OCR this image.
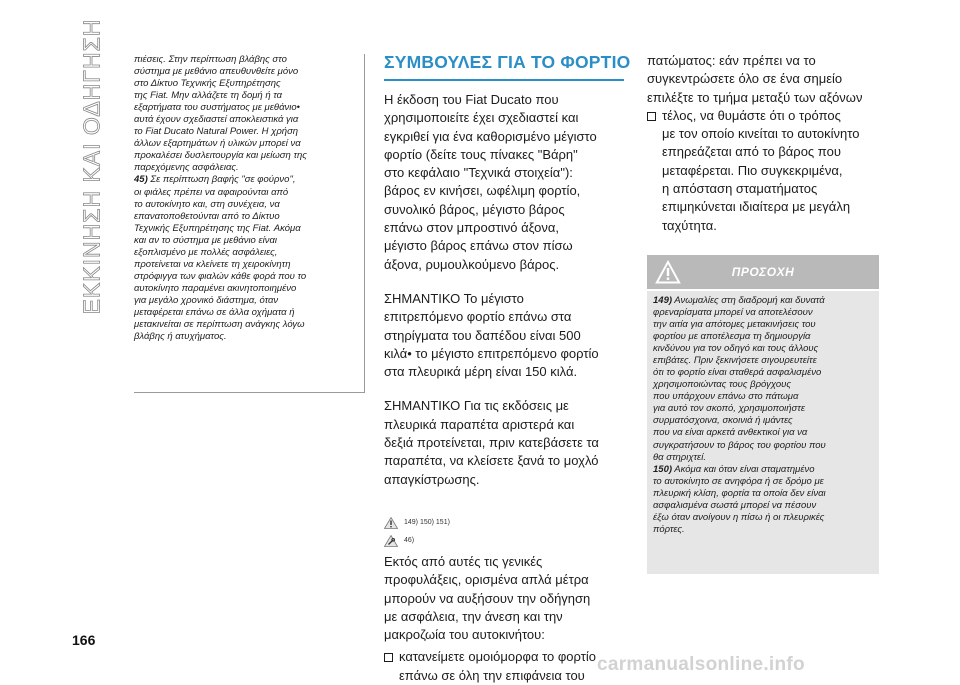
ΕΚΚΙΝΗΣΗ ΚΑΙ ΟΔΗΓΗΣΗ	πιέσεις. Στην περίπτωση βλάβης στο
σύστημα με μεθάνιο απευθυνθείτε μόνο
στο Δίκτυο Τεχνικής Εξυπηρέτησης
της Fiat. Μην αλλάζετε τη δομή ή τα
εξαρτήματα του συστήματος με μεθάνιο•
αυτά έχουν σχεδιαστεί αποκλειστικά για
το Fiat Ducato Natural Power. Η χρήση
άλλων εξαρτημάτων ή υλικών μπορεί να
προκαλέσει δυσλειτουργία και μείωση της
παρεχόμενης ασφάλειας.

45) Σε περίπτωση βαφής "σε φούρνο",
οι φιάλες πρέπει να αφαιρούνται από
το αυτοκίνητο και, στη συνέχεια, να
επανατοποθετούνται από το Δίκτυο
Τεχνικής Εξυπηρέτησης της Fiat. Ακόμα
και αν το σύστημα με μεθάνιο είναι
εξοπλισμένο με πολλές ασφάλειες,
προτείνεται να κλείνετε τη χειροκίνητη
στρόφιγγα των φιαλών κάθε φορά που το
αυτοκίνητο παραμένει ακινητοποιημένο
για μεγάλο χρονικό διάστημα, όταν
μεταφέρεται επάνω σε άλλα οχήματα ή
μετακινείται σε περίπτωση ανάγκης λόγω
βλάβης ή ατυχήματος.

ΣΥΜΒΟΥΛΕΣ ΓΙΑ ΤΟ ΦΟΡΤΙΟ

Η έκδοση του Fiat Ducato που
χρησιμοποιείτε έχει σχεδιαστεί και
εγκριθεί για ένα καθορισμένο μέγιστο
φορτίο (δείτε τους πίνακες "Βάρη"
στο κεφάλαιο "Τεχνικά στοιχεία"):
βάρος εν κινήσει, ωφέλιμη φορτίο,
συνολικό βάρος, μέγιστο βάρος
επάνω στον μπροστινό άξονα,
μέγιστο βάρος επάνω στον πίσω
άξονα, ρυμουλκούμενο βάρος.

ΣΗΜΑΝΤΙΚΟ Το μέγιστο
επιτρεπόμενο φορτίο επάνω στα
στηρίγματα του δαπέδου είναι 500
κιλά• το μέγιστο επιτρεπόμενο φορτίο
στα πλευρικά μέρη είναι 150 κιλά.

ΣΗΜΑΝΤΙΚΟ Για τις εκδόσεις με
πλευρικά παραπέτα αριστερά και
δεξιά προτείνεται, πριν κατεβάσετε τα
παραπέτα, να κλείσετε ξανά το μοχλό
απαγκίστρωσης.

149) 150) 151)
46)

Εκτός από αυτές τις γενικές
προφυλάξεις, ορισμένα απλά μέτρα
μπορούν να αυξήσουν την οδήγηση
με ασφάλεια, την άνεση και την
μακροζωία του αυτοκινήτου:

κατανείμετε ομοιόμορφα το φορτίο
επάνω σε όλη την επιφάνεια του

πατώματος: εάν πρέπει να το
συγκεντρώσετε όλο σε ένα σημείο
επιλέξτε το τμήμα μεταξύ των αξόνων

τέλος, να θυμάστε ότι ο τρόπος
με τον οποίο κινείται το αυτοκίνητο
επηρεάζεται από το βάρος που
μεταφέρεται. Πιο συγκεκριμένα,
η απόσταση σταματήματος
επιμηκύνεται ιδιαίτερα με μεγάλη
ταχύτητα.

ΠΡΟΣΟΧΗ

149) Ανωμαλίες στη διαδρομή και δυνατά
φρεναρίσματα μπορεί να αποτελέσουν
την αιτία για απότομες μετακινήσεις του
φορτίου με αποτέλεσμα τη δημιουργία
κινδύνου για τον οδηγό και τους άλλους
επιβάτες. Πριν ξεκινήσετε σιγουρευτείτε
ότι το φορτίο είναι σταθερά ασφαλισμένο
χρησιμοποιώντας τους βρόγχους
που υπάρχουν επάνω στο πάτωμα
για αυτό τον σκοπό, χρησιμοποιήστε
συρματόσχοινα, σκοινιά ή ιμάντες
που να είναι αρκετά ανθεκτικοί για να
συγκρατήσουν το βάρος του φορτίου που
θα στηριχτεί.

150) Ακόμα και όταν είναι σταματημένο
το αυτοκίνητο σε ανηφόρα ή σε δρόμο με
πλευρική κλίση, φορτία τα οποία δεν είναι
ασφαλισμένα σωστά μπορεί να πέσουν
έξω όταν ανοίγουν η πίσω ή οι πλευρικές
πόρτες.

166
carmanualsonline.info
